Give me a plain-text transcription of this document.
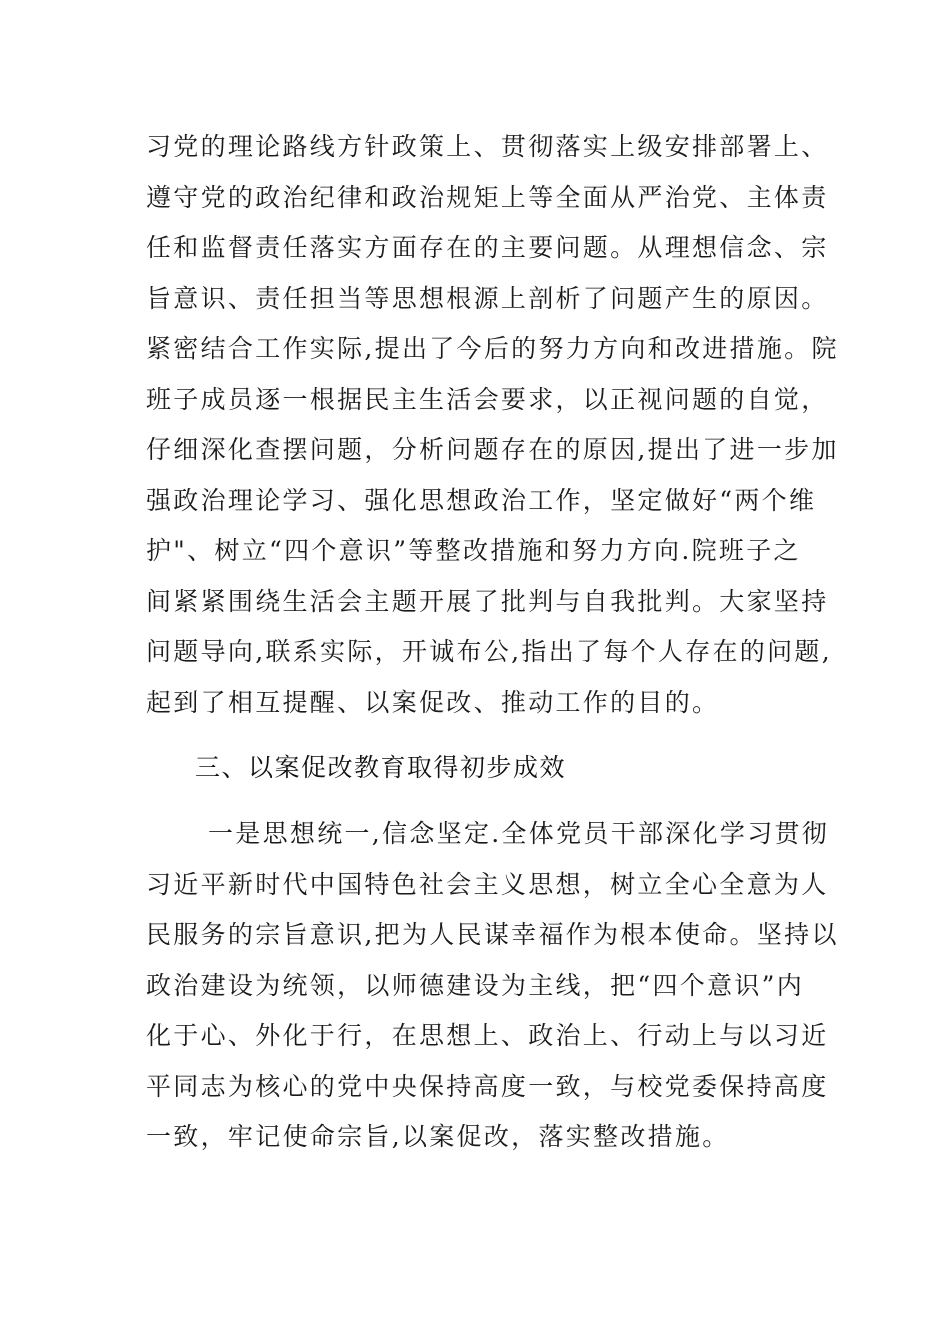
习党的理论路线方针政策上、贯彻落实上级安排部署上、
遵守党的政治纪律和政治规矩上等全面从严治党、主体责
任和监督责任落实方面存在的主要问题。从理想信念、宗
旨意识、责任担当等思想根源上剖析了问题产生的原因。
紧密结合工作实际,提出了今后的努力方向和改进措施。院
班子成员逐一根据民主生活会要求，以正视问题的自觉，
仔细深化查摆问题，分析问题存在的原因,提出了进一步加
强政治理论学习、强化思想政治工作，坚定做好“两个维
护"、树立“四个意识”等整改措施和努力方向.院班子之
间紧紧围绕生活会主题开展了批判与自我批判。大家坚持
问题导向,联系实际，开诚布公,指出了每个人存在的问题,
起到了相互提醒、以案促改、推动工作的目的。
三、以案促改教育取得初步成效
一是思想统一,信念坚定.全体党员干部深化学习贯彻
习近平新时代中国特色社会主义思想，树立全心全意为人
民服务的宗旨意识,把为人民谋幸福作为根本使命。坚持以
政治建设为统领，以师德建设为主线，把“四个意识”内
化于心、外化于行，在思想上、政治上、行动上与以习近
平同志为核心的党中央保持高度一致，与校党委保持高度
一致，牢记使命宗旨,以案促改，落实整改措施。
